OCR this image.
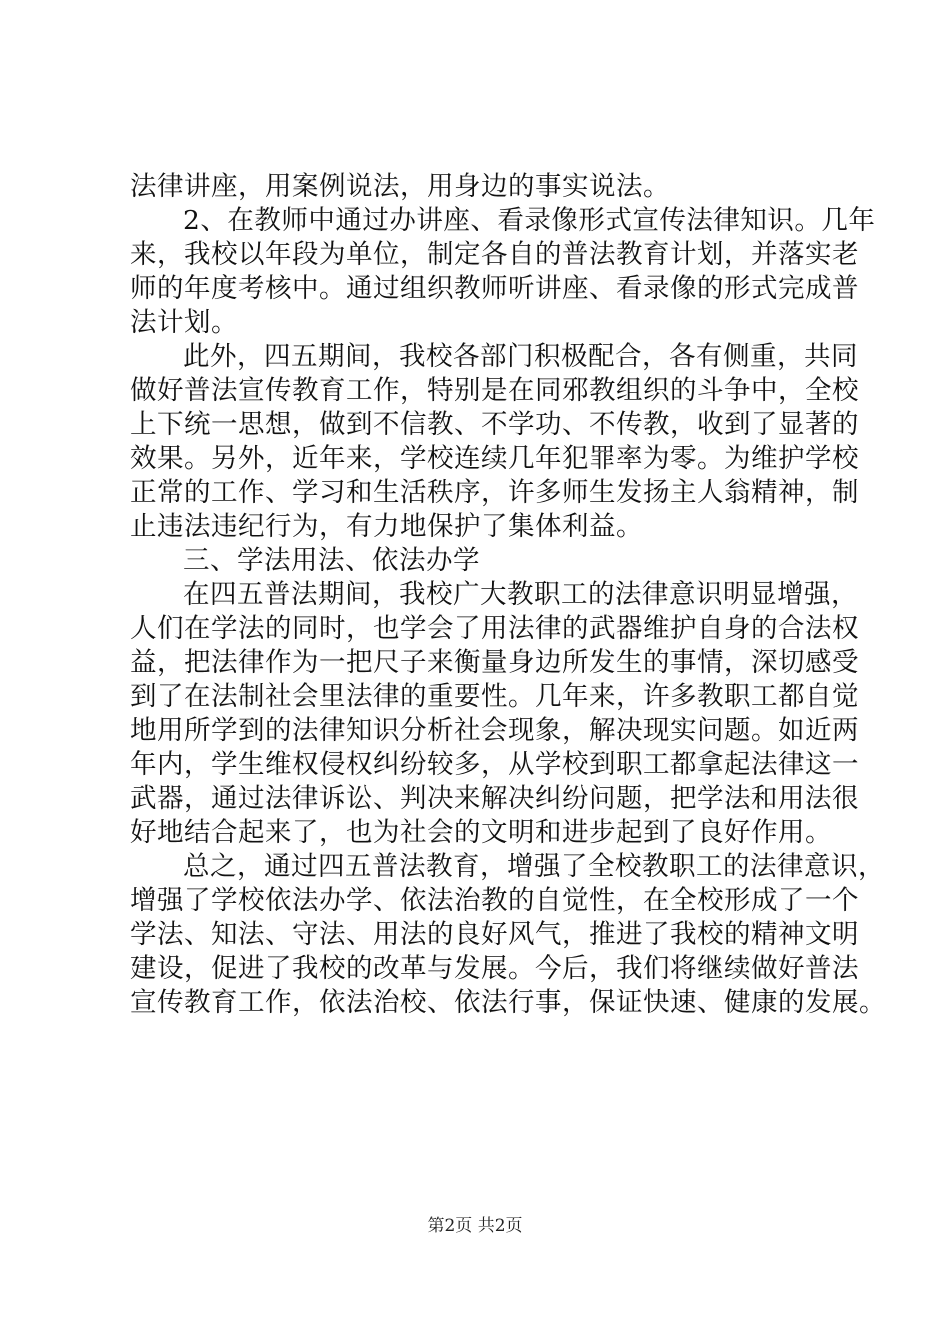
法律讲座，用案例说法，用身边的事实说法。
2、在教师中通过办讲座、看录像形式宣传法律知识。几年
来，我校以年段为单位，制定各自的普法教育计划，并落实老
师的年度考核中。通过组织教师听讲座、看录像的形式完成普
法计划。
此外，四五期间，我校各部门积极配合，各有侧重，共同
做好普法宣传教育工作，特别是在同邪教组织的斗争中，全校
上下统一思想，做到不信教、不学功、不传教，收到了显著的
效果。另外，近年来，学校连续几年犯罪率为零。为维护学校
正常的工作、学习和生活秩序，许多师生发扬主人翁精神，制
止违法违纪行为，有力地保护了集体利益。
三、学法用法、依法办学
在四五普法期间，我校广大教职工的法律意识明显增强，
人们在学法的同时，也学会了用法律的武器维护自身的合法权
益，把法律作为一把尺子来衡量身边所发生的事情，深切感受
到了在法制社会里法律的重要性。几年来，许多教职工都自觉
地用所学到的法律知识分析社会现象，解决现实问题。如近两
年内，学生维权侵权纠纷较多，从学校到职工都拿起法律这一
武器，通过法律诉讼、判决来解决纠纷问题，把学法和用法很
好地结合起来了，也为社会的文明和进步起到了良好作用。
总之，通过四五普法教育，增强了全校教职工的法律意识，
增强了学校依法办学、依法治教的自觉性，在全校形成了一个
学法、知法、守法、用法的良好风气，推进了我校的精神文明
建设，促进了我校的改革与发展。今后，我们将继续做好普法
宣传教育工作，依法治校、依法行事，保证快速、健康的发展。
第2页 共2页
